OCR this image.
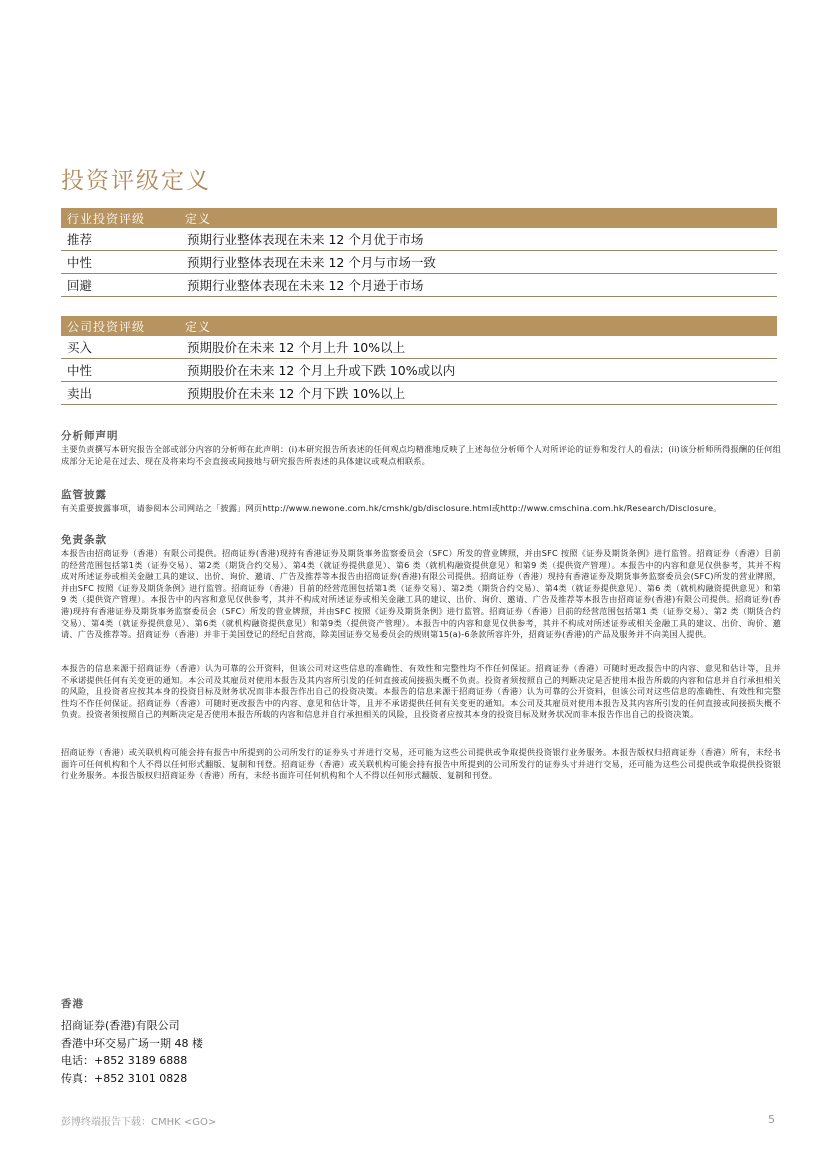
投资评级定义
行业投资评级	定义
推荐	预期行业整体表现在未来 12 个月优于市场
中性	预期行业整体表现在未来 12 个月与市场一致
回避	预期行业整体表现在未来 12 个月逊于市场
公司投资评级	定义
买入	预期股价在未来 12 个月上升 10%以上
中性	预期股价在未来 12 个月上升或下跌 10%或以内
卖出	预期股价在未来 12 个月下跌 10%以上
分析师声明
主要负责撰写本研究报告全部或部分内容的分析师在此声明：(i)本研究报告所表述的任何观点均精准地反映了上述每位分析师个人对所评论的证券和发行人的看法；(ii)该分析师所得报酬的任何组成部分无论是在过去、现在及将来均不会直接或间接地与研究报告所表述的具体建议或观点相联系。
监管披露
有关重要披露事项，请参阅本公司网站之「披露」网页http://www.newone.com.hk/cmshk/gb/disclosure.html或http://www.cmschina.com.hk/Research/Disclosure。
免责条款
本报告由招商证券（香港）有限公司提供。招商证券(香港)现持有香港证券及期货事务监察委员会（SFC）所发的营业牌照，并由SFC 按照《证券及期货条例》进行监管。招商证券（香港）目前的经营范围包括第1类（证券交易）、第2类（期货合约交易）、第4类（就证券提供意见）、第6 类（就机构融资提供意见）和第9 类（提供资产管理）。本报告中的内容和意见仅供参考，其并不构成对所述证券或相关金融工具的建议、出价、询价、邀请、广告及推荐等本报告由招商证券(香港)有限公司提供。招商证券（香港）现持有香港证券及期货事务监察委员会(SFC)所发的营业牌照，并由SFC 按照《证券及期货条例》进行监管。招商证券（香港）目前的经营范围包括第1类（证券交易）、第2类（期货合约交易）、第4类（就证券提供意见）、第6 类（就机构融资提供意见）和第9 类（提供资产管理）。本报告中的内容和意见仅供参考，其并不构成对所述证券或相关金融工具的建议、出价、询价、邀请、广告及推荐等本报告由招商证券(香港)有限公司提供。招商证券(香港)现持有香港证券及期货事务监察委员会（SFC）所发的营业牌照，并由SFC 按照《证券及期货条例》进行监管。招商证券（香港）目前的经营范围包括第1 类（证券交易）、第2 类（期货合约交易）、第4类（就证券提供意见）、第6类（就机构融资提供意见）和第9类（提供资产管理）。本报告中的内容和意见仅供参考，其并不构成对所述证券或相关金融工具的建议、出价、询价、邀请、广告及推荐等。招商证券（香港）并非于美国登记的经纪自营商，除美国证券交易委员会的规则第15(a)-6条款所容许外，招商证券(香港)的产品及服务并不向美国人提供。
本报告的信息来源于招商证券（香港）认为可靠的公开资料，但该公司对这些信息的准确性、有效性和完整性均不作任何保证。招商证券（香港）可随时更改报告中的内容、意见和估计等，且并不承诺提供任何有关变更的通知。本公司及其雇员对使用本报告及其内容所引发的任何直接或间接损失概不负责。投资者须按照自己的判断决定是否使用本报告所载的内容和信息并自行承担相关的风险，且投资者应按其本身的投资目标及财务状况而非本报告作出自己的投资决策。本报告的信息来源于招商证券（香港）认为可靠的公开资料，但该公司对这些信息的准确性、有效性和完整性均不作任何保证。招商证券（香港）可随时更改报告中的内容、意见和估计等，且并不承诺提供任何有关变更的通知。本公司及其雇员对使用本报告及其内容所引发的任何直接或间接损失概不负责。投资者须按照自己的判断决定是否使用本报告所载的内容和信息并自行承担相关的风险，且投资者应按其本身的投资目标及财务状况而非本报告作出自己的投资决策。
招商证券（香港）或关联机构可能会持有报告中所提到的公司所发行的证券头寸并进行交易，还可能为这些公司提供或争取提供投资银行业务服务。本报告版权归招商证券（香港）所有，未经书面许可任何机构和个人不得以任何形式翻版、复制和刊登。招商证券（香港）或关联机构可能会持有报告中所提到的公司所发行的证券头寸并进行交易，还可能为这些公司提供或争取提供投资银行业务服务。本报告版权归招商证券（香港）所有，未经书面许可任何机构和个人不得以任何形式翻版、复制和刊登。
香港
招商证券(香港)有限公司
香港中环交易广场一期 48 楼
电话：+852 3189 6888
传真：+852 3101 0828
彭博终端报告下载：CMHK <GO>	5
